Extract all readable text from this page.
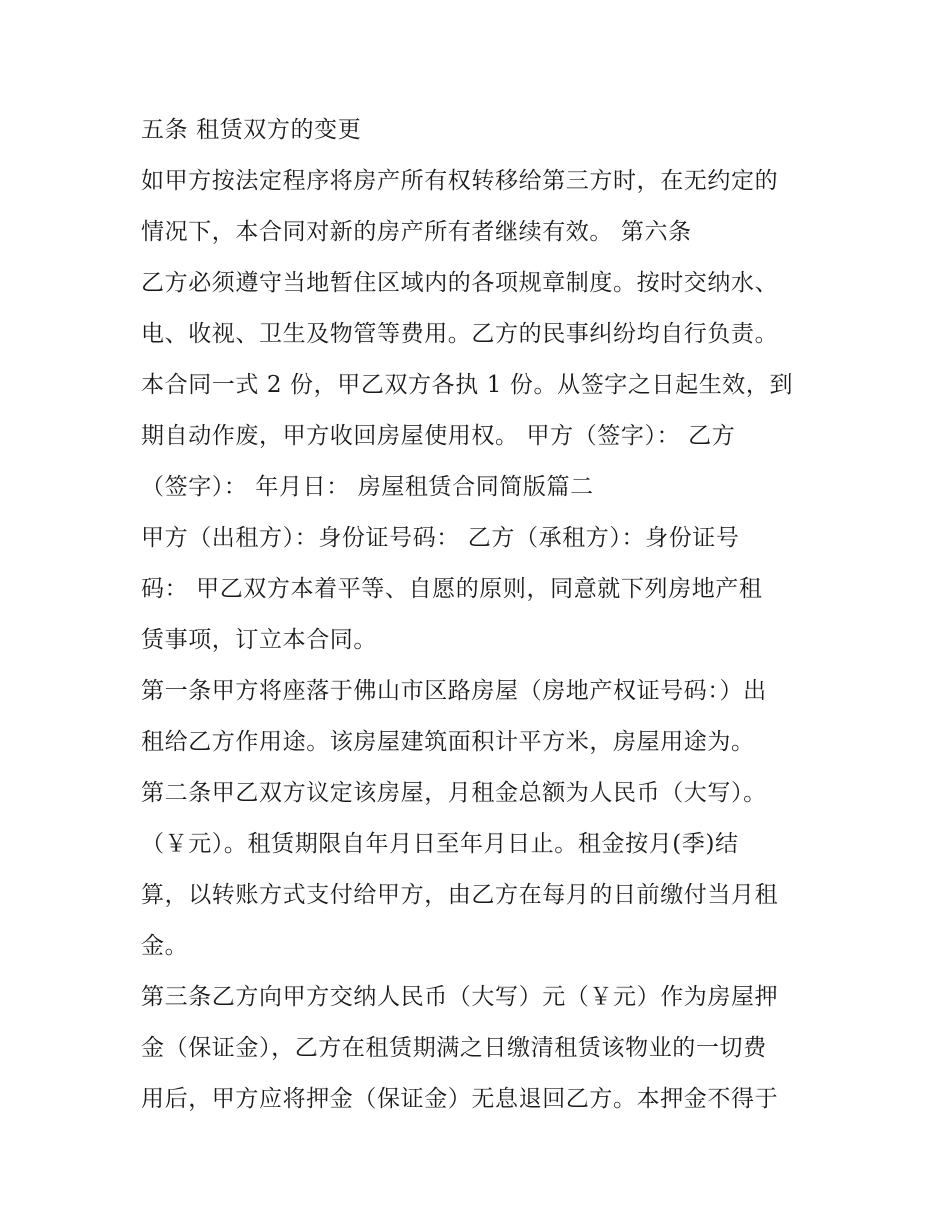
五条 租赁双方的变更
如甲方按法定程序将房产所有权转移给第三方时，在无约定的
情况下，本合同对新的房产所有者继续有效。 第六条
乙方必须遵守当地暂住区域内的各项规章制度。按时交纳水、
电、收视、卫生及物管等费用。乙方的民事纠纷均自行负责。
本合同一式 2 份，甲乙双方各执 1 份。从签字之日起生效，到
期自动作废，甲方收回房屋使用权。 甲方（签字）： 乙方
（签字）： 年月日： 房屋租赁合同简版篇二
甲方（出租方）：身份证号码： 乙方（承租方）：身份证号
码： 甲乙双方本着平等、自愿的原则，同意就下列房地产租
赁事项，订立本合同。
第一条甲方将座落于佛山市区路房屋（房地产权证号码：）出
租给乙方作用途。该房屋建筑面积计平方米，房屋用途为。
第二条甲乙双方议定该房屋，月租金总额为人民币（大写）。
（￥元）。租赁期限自年月日至年月日止。租金按月(季)结
算，以转账方式支付给甲方，由乙方在每月的日前缴付当月租
金。
第三条乙方向甲方交纳人民币（大写）元（￥元）作为房屋押
金（保证金），乙方在租赁期满之日缴清租赁该物业的一切费
用后，甲方应将押金（保证金）无息退回乙方。本押金不得于
